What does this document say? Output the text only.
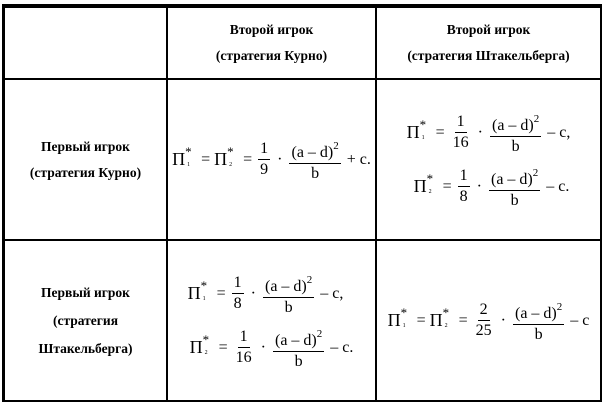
Второй игрок
(стратегия Курно)
Второй игрок
(стратегия Штакельберга)
Первый игрок
(стратегия Курно)
Первый игрок
(стратегия
Штакельберга)
П *
1 = П *
$2 = \frac{1}{9} \cdot \frac{(a - d)^2}{b} + c$.
П *
$1 = \frac{1}{16} \cdot \frac{(a - d)^2}{b} - c$,
П *
$2 = \frac{1}{8} \cdot \frac{(a - d)^2}{b} - c$.
П *
$1 = \frac{1}{8} \cdot \frac{(a - d)^2}{b} - c$,
П *
$2 = \frac{1}{16} \cdot \frac{(a - d)^2}{b} - c$.
П *
1 = П *
$2 = \frac{2}{25} \cdot \frac{(a - d)^2}{b} - c$
